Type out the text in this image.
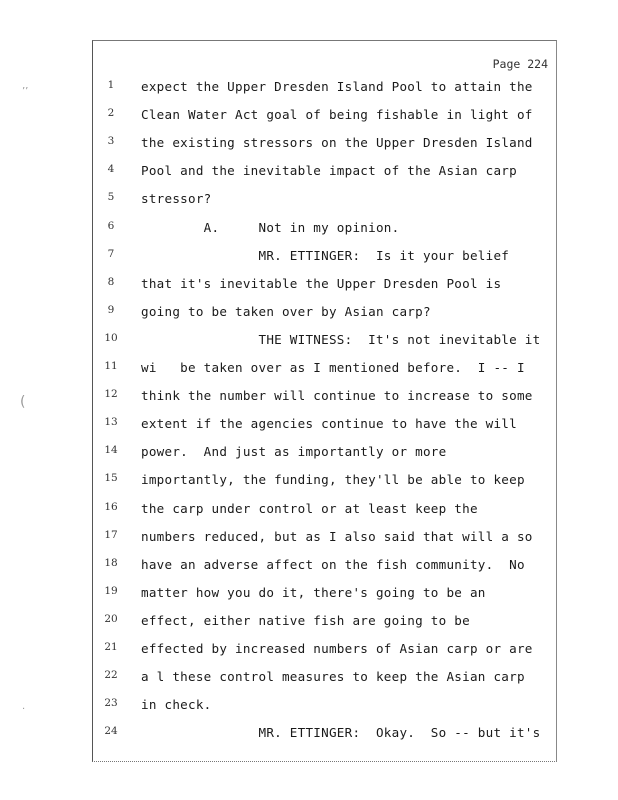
’’
(
·
Page 224
1	expect the Upper Dresden Island Pool to attain the
2	Clean Water Act goal of being fishable in light of
3	the existing stressors on the Upper Dresden Island
4	Pool and the inevitable impact of the Asian carp
5	stressor?
6	A.     Not in my opinion.
7	MR. ETTINGER:  Is it your belief
8	that it's inevitable the Upper Dresden Pool is
9	going to be taken over by Asian carp?
10	THE WITNESS:  It's not inevitable it
11	wi   be taken over as I mentioned before.  I -- I
12	think the number will continue to increase to some
13	extent if the agencies continue to have the will
14	power.  And just as importantly or more
15	importantly, the funding, they'll be able to keep
16	the carp under control or at least keep the
17	numbers reduced, but as I also said that will a so
18	have an adverse affect on the fish community.  No
19	matter how you do it, there's going to be an
20	effect, either native fish are going to be
21	effected by increased numbers of Asian carp or are
22	a l these control measures to keep the Asian carp
23	in check.
24	MR. ETTINGER:  Okay.  So -- but it's
